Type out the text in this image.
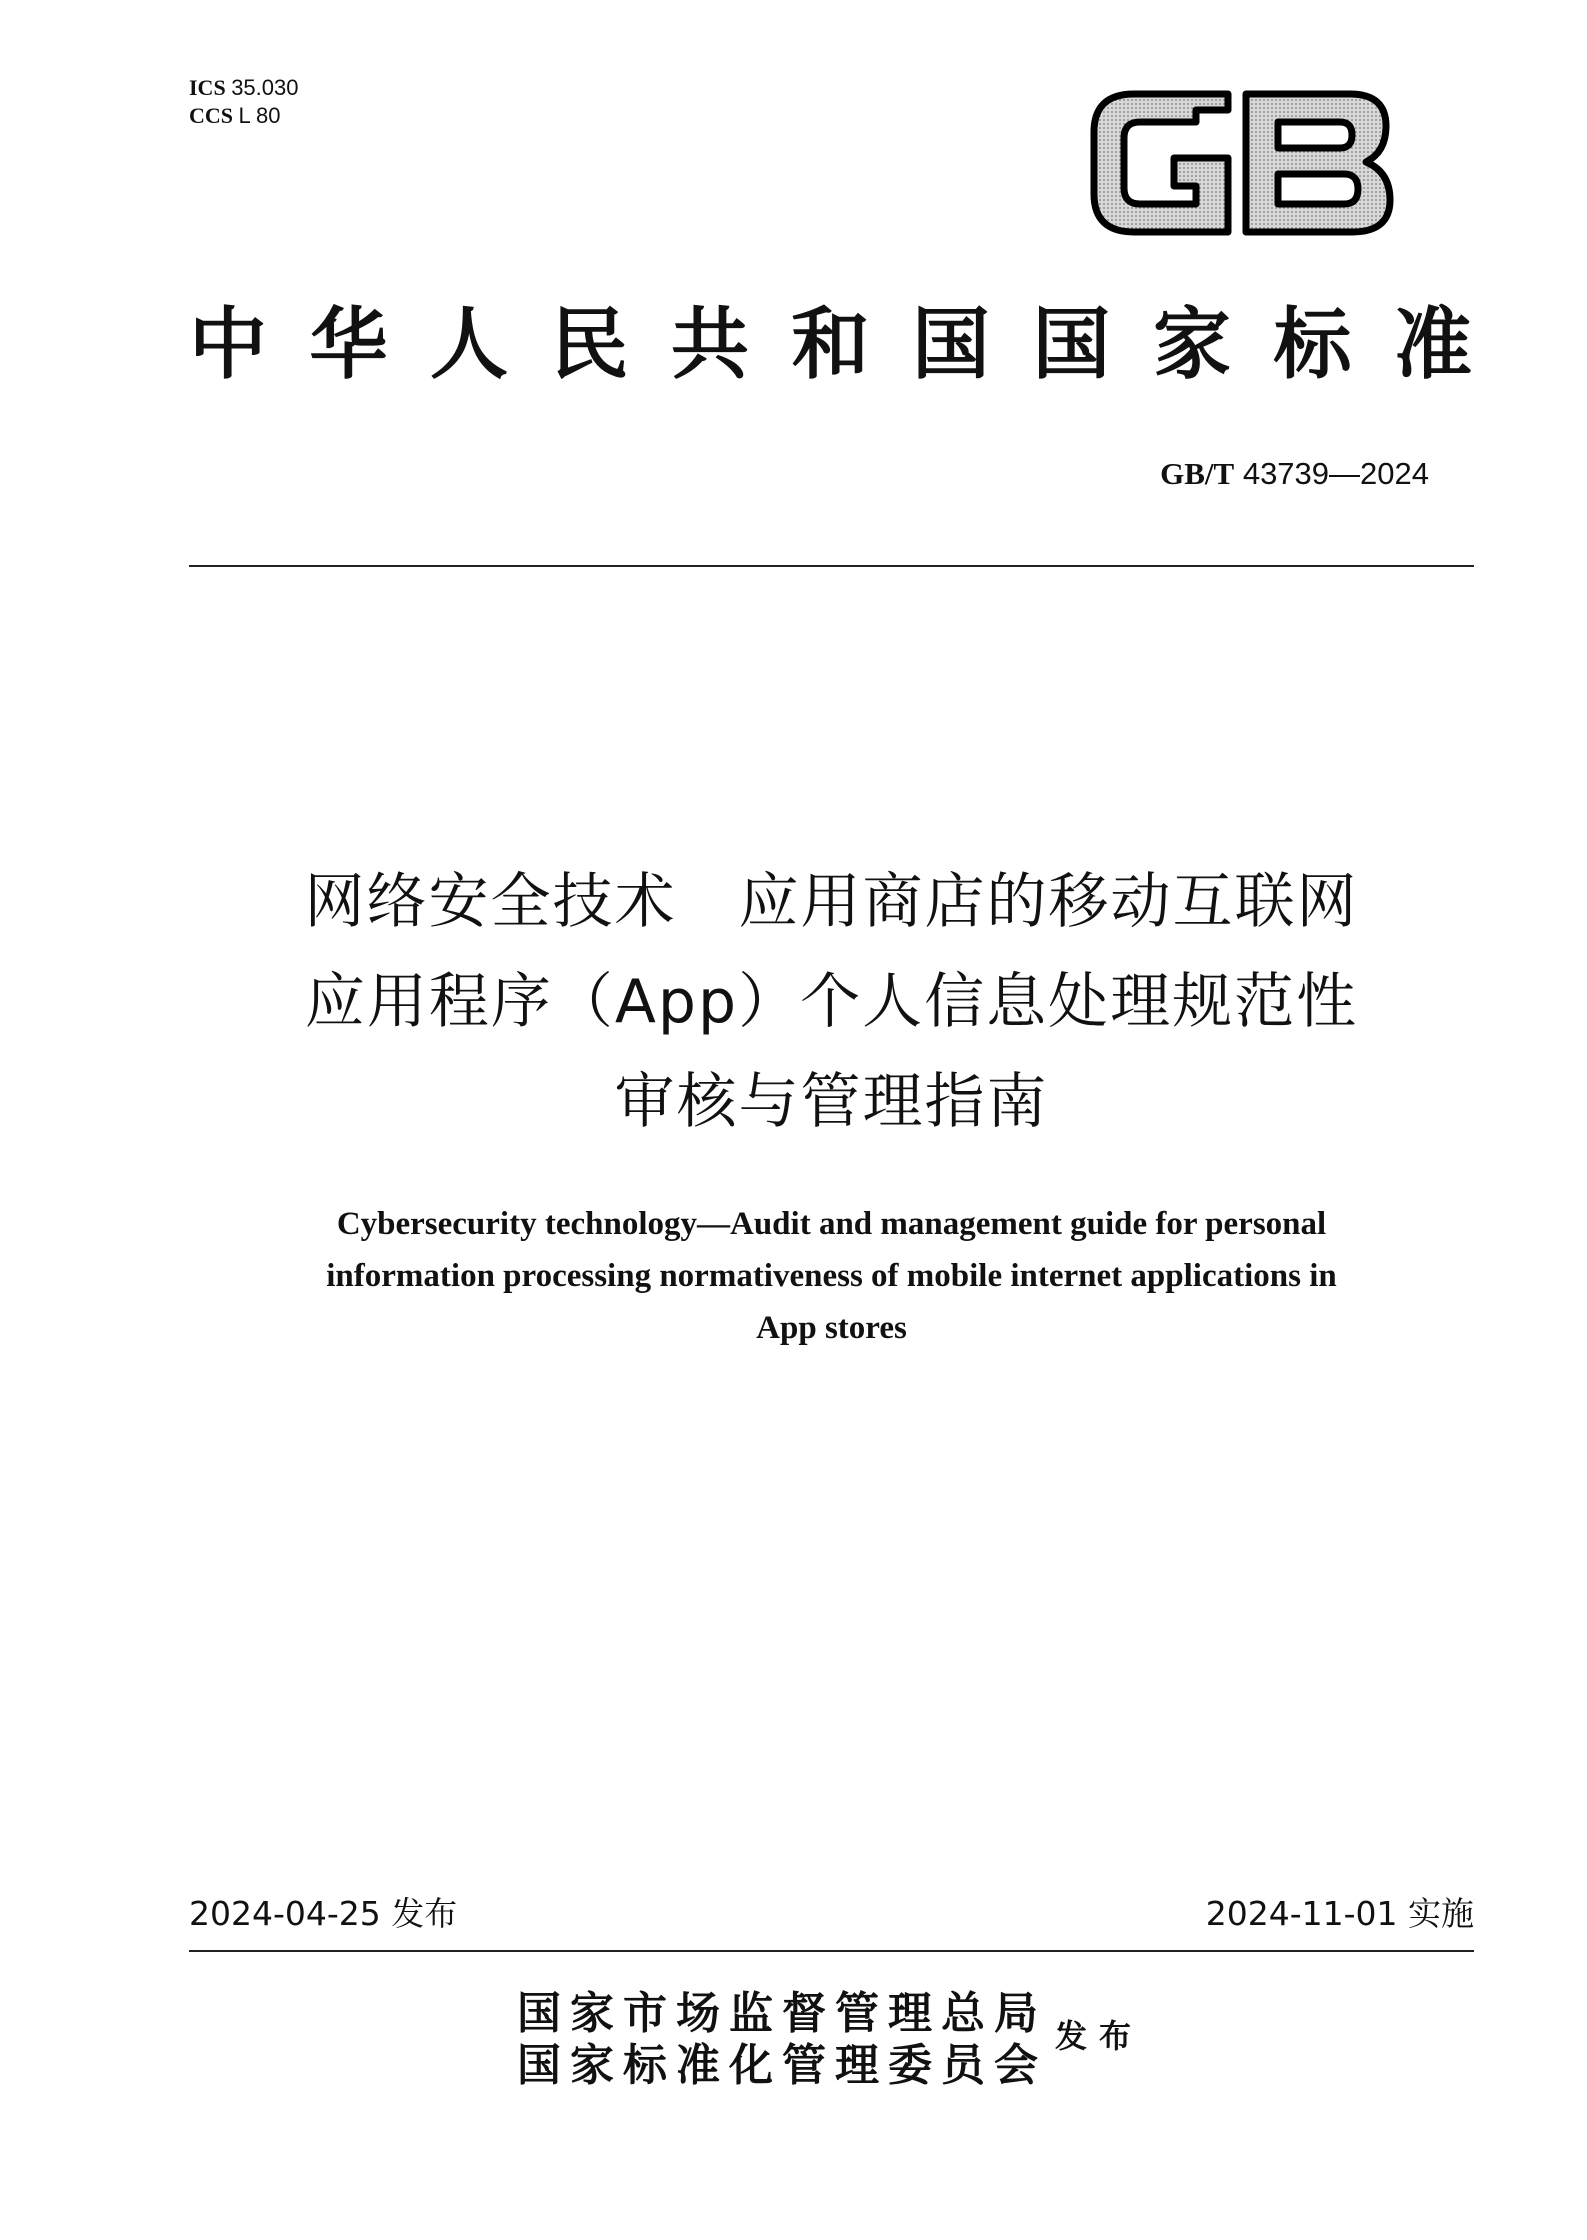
ICS 35.030
CCS L 80
GB
中华人民共和国国家标准
GB/T 43739—2024
网络安全技术　应用商店的移动互联网
应用程序（App）个人信息处理规范性
审核与管理指南
Cybersecurity technology—Audit and management guide for personal
information processing normativeness of mobile internet applications in
App stores
2024-04-25 发布	2024-11-01 实施
国家市场监督管理总局
国家标准化管理委员会
发布
